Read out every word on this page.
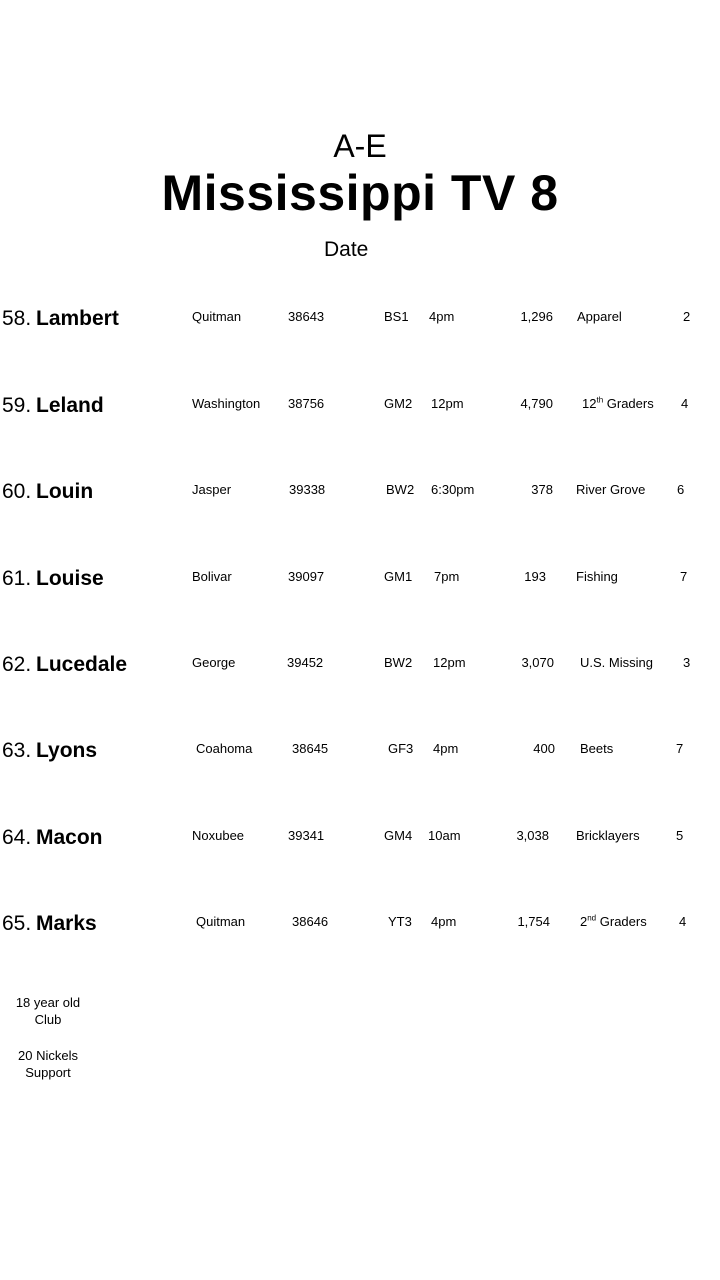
A-E
Mississippi TV 8
Date
58. Lambert	Quitman	38643	BS1 4pm	1,296 Apparel	2
59. Leland	Washington 38756	GM2 12pm	4,790 12th Graders 4
60. Louin	Jasper	39338	BW2 6:30pm	378 River Grove 6
61. Louise	Bolivar	39097	GM1 7pm	193 Fishing	7
62. Lucedale	George	39452	BW2 12pm	3,070 U.S. Missing 3
63. Lyons	Coahoma	38645	GF3 4pm	400 Beets	7
64. Macon	Noxubee	39341	GM4 10am	3,038 Bricklayers	5
65. Marks	Quitman	38646	YT3 4pm	1,754 2nd Graders 4
18 year old
Club
20 Nickels
Support
